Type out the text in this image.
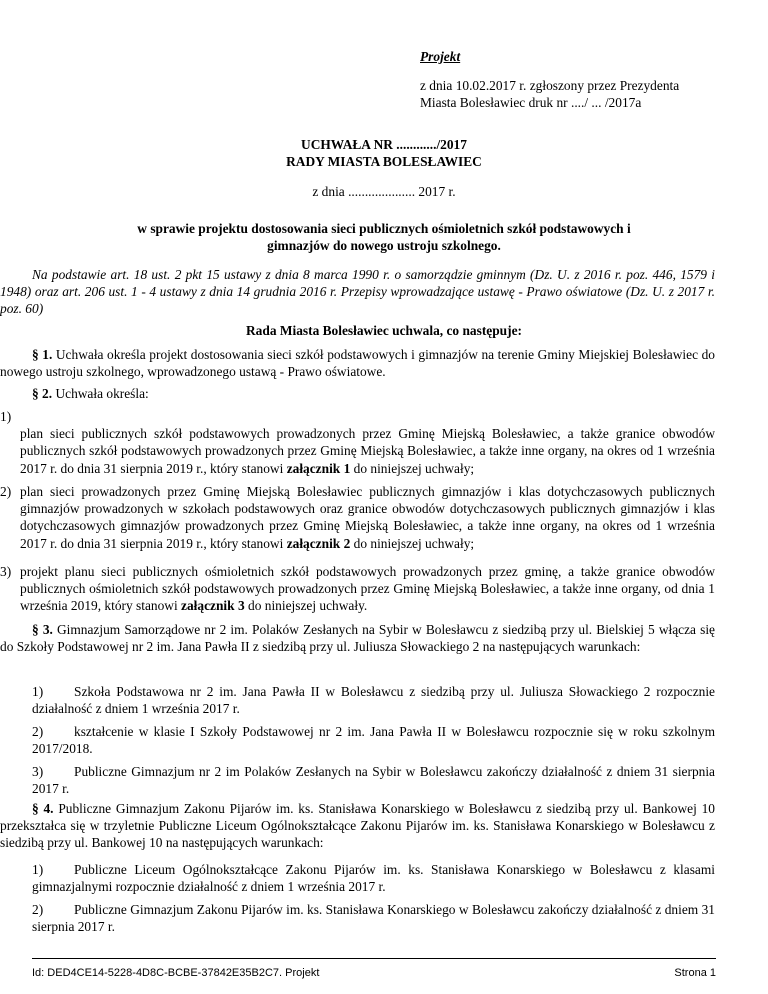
Projekt
z dnia 10.02.2017 r. zgłoszony przez Prezydenta
Miasta Bolesławiec druk nr ..../ ... /2017a
UCHWAŁA NR ............/2017
RADY MIASTA BOLESŁAWIEC
z dnia .................... 2017 r.
w sprawie projektu dostosowania sieci publicznych ośmioletnich szkół podstawowych i gimnazjów do nowego ustroju szkolnego.
Na podstawie art. 18 ust. 2 pkt 15 ustawy z dnia 8 marca 1990 r. o samorządzie gminnym (Dz. U. z 2016 r. poz. 446, 1579 i 1948) oraz art. 206 ust. 1 - 4 ustawy z dnia 14 grudnia 2016 r. Przepisy wprowadzające ustawę - Prawo oświatowe (Dz. U. z 2017 r. poz. 60)
Rada Miasta Bolesławiec uchwala, co następuje:
§ 1. Uchwała określa projekt dostosowania sieci szkół podstawowych i gimnazjów na terenie Gminy Miejskiej Bolesławiec do nowego ustroju szkolnego, wprowadzonego ustawą - Prawo oświatowe.
§ 2. Uchwała określa:
1)
plan sieci publicznych szkół podstawowych prowadzonych przez Gminę Miejską Bolesławiec, a także granice obwodów publicznych szkół podstawowych prowadzonych przez Gminę Miejską Bolesławiec, a także inne organy, na okres od 1 września 2017 r. do dnia 31 sierpnia 2019 r., który stanowi załącznik 1 do niniejszej uchwały;
2) plan sieci prowadzonych przez Gminę Miejską Bolesławiec publicznych gimnazjów i klas dotychczasowych publicznych gimnazjów prowadzonych w szkołach podstawowych oraz granice obwodów dotychczasowych publicznych gimnazjów i klas dotychczasowych gimnazjów prowadzonych przez Gminę Miejską Bolesławiec, a także inne organy, na okres od 1 września 2017 r. do dnia 31 sierpnia 2019 r., który stanowi załącznik 2 do niniejszej uchwały;
3) projekt planu sieci publicznych ośmioletnich szkół podstawowych prowadzonych przez gminę, a także granice obwodów publicznych ośmioletnich szkół podstawowych prowadzonych przez Gminę Miejską Bolesławiec, a także inne organy, od dnia 1 września 2019, który stanowi załącznik 3 do niniejszej uchwały.
§ 3. Gimnazjum Samorządowe nr 2 im. Polaków Zesłanych na Sybir w Bolesławcu z siedzibą przy ul. Bielskiej 5 włącza się do Szkoły Podstawowej nr 2 im. Jana Pawła II z siedzibą przy ul. Juliusza Słowackiego 2 na następujących warunkach:
1)	Szkoła Podstawowa nr 2 im. Jana Pawła II w Bolesławcu z siedzibą przy ul. Juliusza Słowackiego 2 rozpocznie działalność z dniem 1 września 2017 r.
2)	kształcenie w klasie I Szkoły Podstawowej nr 2 im. Jana Pawła II w Bolesławcu rozpocznie się w roku szkolnym 2017/2018.
3)	Publiczne Gimnazjum nr 2 im Polaków Zesłanych na Sybir w Bolesławcu zakończy działalność z dniem 31 sierpnia 2017 r.
§ 4. Publiczne Gimnazjum Zakonu Pijarów im. ks. Stanisława Konarskiego w Bolesławcu z siedzibą przy ul. Bankowej 10 przekształca się w trzyletnie Publiczne Liceum Ogólnokształcące Zakonu Pijarów im. ks. Stanisława Konarskiego w Bolesławcu z siedzibą przy ul. Bankowej 10 na następujących warunkach:
1)	Publiczne Liceum Ogólnokształcące Zakonu Pijarów im. ks. Stanisława Konarskiego w Bolesławcu z klasami gimnazjalnymi rozpocznie działalność z dniem 1 września 2017 r.
2)	Publiczne Gimnazjum Zakonu Pijarów im. ks. Stanisława Konarskiego w Bolesławcu zakończy działalność z dniem 31 sierpnia 2017 r.
Id: DED4CE14-5228-4D8C-BCBE-37842E35B2C7. Projekt	Strona 1
